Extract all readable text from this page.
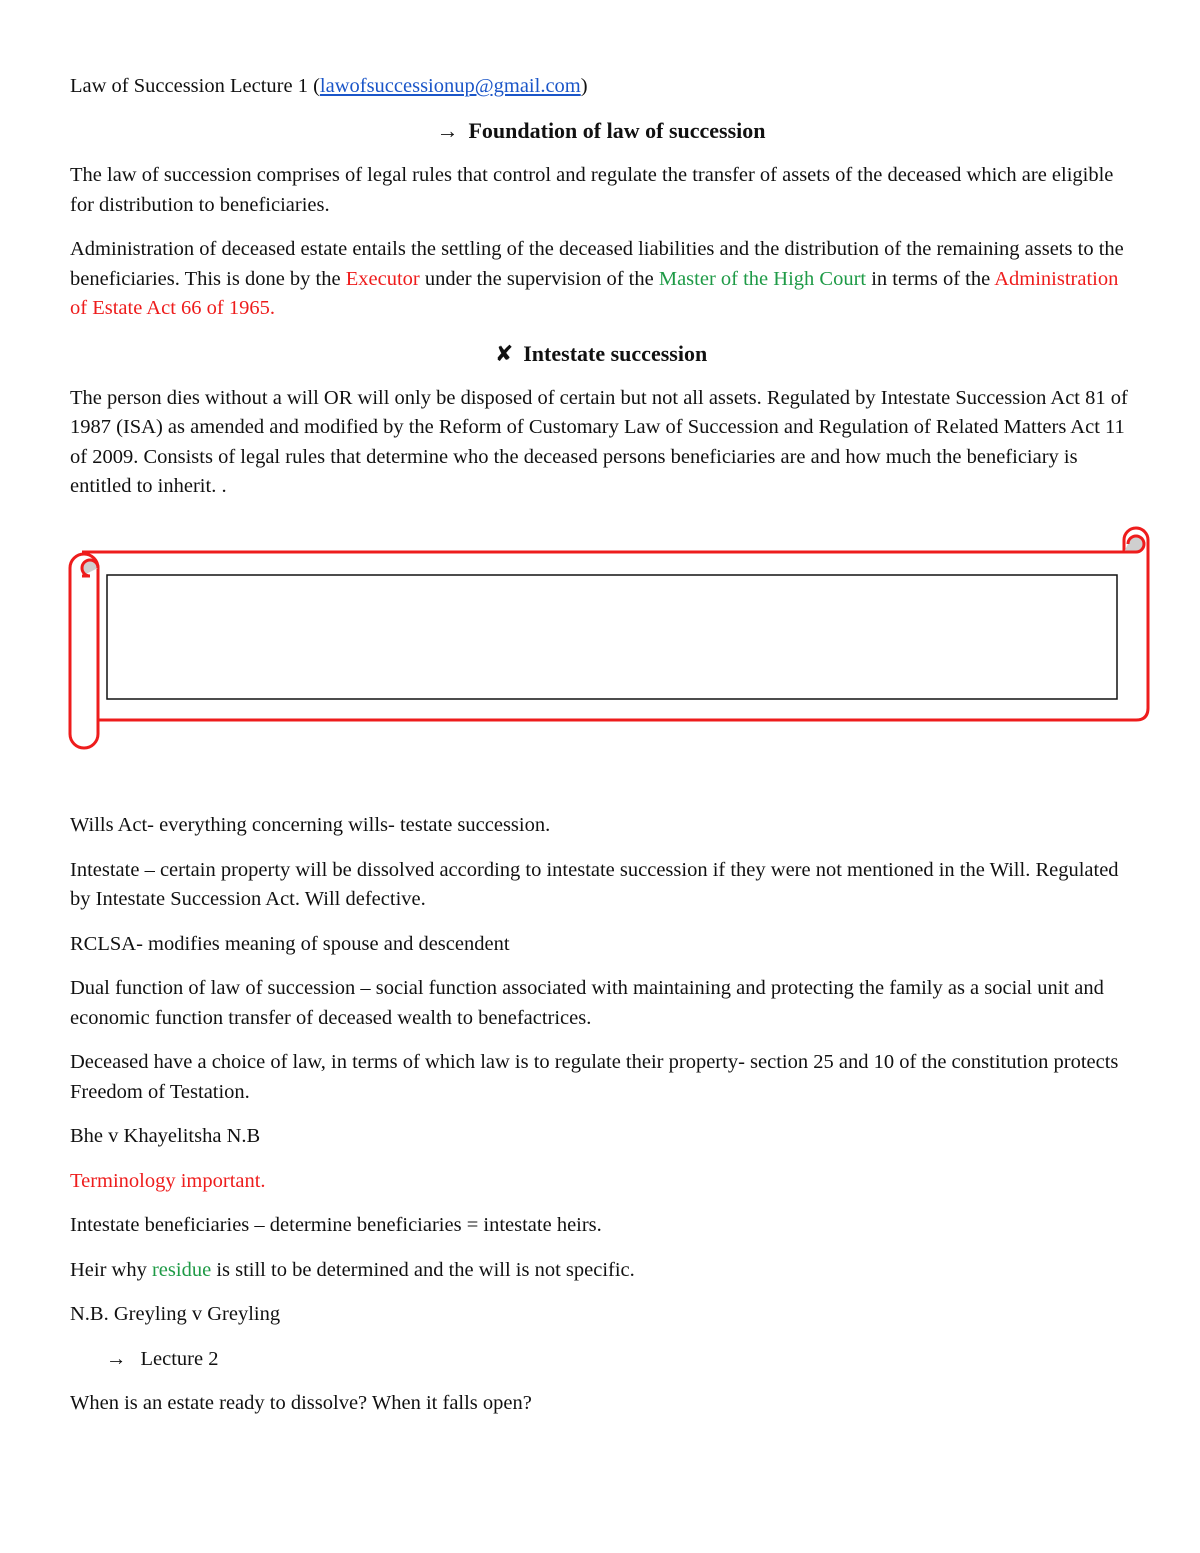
Law of Succession Lecture 1 (lawofsuccessionup@gmail.com)

→ Foundation of law of succession

The law of succession comprises of legal rules that control and regulate the transfer of assets of the deceased which are eligible for distribution to beneficiaries.

Administration of deceased estate entails the settling of the deceased liabilities and the distribution of the remaining assets to the beneficiaries. This is done by the Executor under the supervision of the Master of the High Court in terms of the Administration of Estate Act 66 of 1965.

✘ Intestate succession

The person dies without a will OR will only be disposed of certain but not all assets. Regulated by Intestate Succession Act 81 of 1987 (ISA) as amended and modified by the Reform of Customary Law of Succession and Regulation of Related Matters Act 11 of 2009. Consists of legal rules that determine who the deceased persons beneficiaries are and how much the beneficiary is entitled to inherit. .

Wills Act- everything concerning wills- testate succession.

Intestate – certain property will be dissolved according to intestate succession if they were not mentioned in the Will. Regulated by Intestate Succession Act. Will defective.

RCLSA- modifies meaning of spouse and descendent

Dual function of law of succession – social function associated with maintaining and protecting the family as a social unit and economic function transfer of deceased wealth to benefactrices.

Deceased have a choice of law, in terms of which law is to regulate their property- section 25 and 10 of the constitution protects Freedom of Testation.

Bhe v Khayelitsha N.B

Terminology important.

Intestate beneficiaries – determine beneficiaries = intestate heirs.

Heir why residue is still to be determined and the will is not specific.

N.B. Greyling v Greyling

→ Lecture 2

When is an estate ready to dissolve? When it falls open?
